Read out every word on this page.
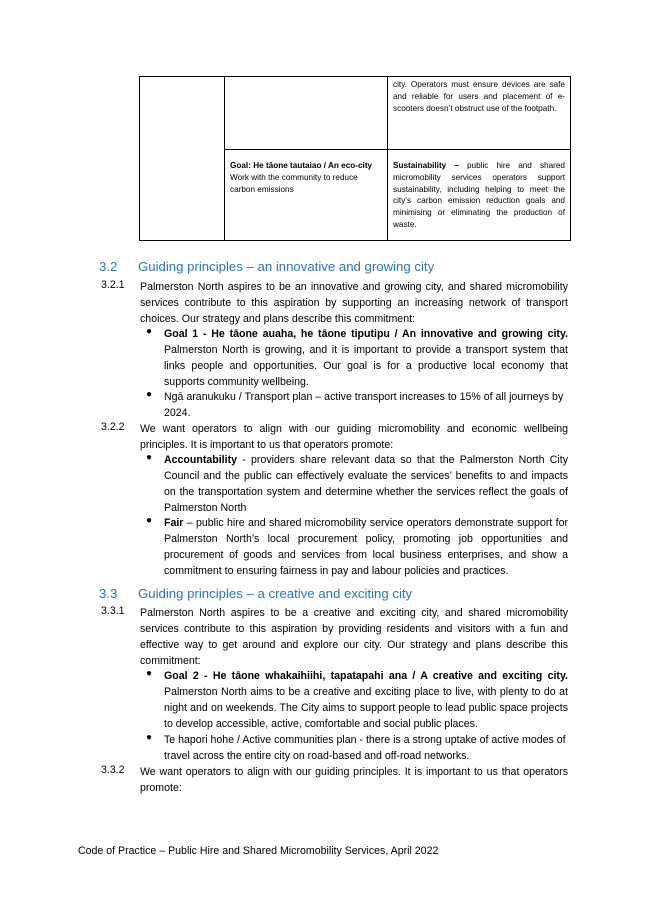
		city. Operators must ensure devices are safe and reliable for users and placement of e-scooters doesn’t obstruct use of the footpath.
	Goal: He tāone tautaiao / An eco-city
Work with the community to reduce carbon emissions	Sustainability – public hire and shared micromobility services operators support sustainability, including helping to meet the city’s carbon emission reduction goals and minimising or eliminating the production of waste.
3.2 Guiding principles – an innovative and growing city
3.2.1 Palmerston North aspires to be an innovative and growing city, and shared micromobility services contribute to this aspiration by supporting an increasing network of transport choices. Our strategy and plans describe this commitment:
● Goal 1 - He tāone auaha, he tāone tiputipu / An innovative and growing city. Palmerston North is growing, and it is important to provide a transport system that links people and opportunities. Our goal is for a productive local economy that supports community wellbeing.
● Ngā aranukuku / Transport plan – active transport increases to 15% of all journeys by 2024.
3.2.2 We want operators to align with our guiding micromobility and economic wellbeing principles. It is important to us that operators promote:
● Accountability - providers share relevant data so that the Palmerston North City Council and the public can effectively evaluate the services’ benefits to and impacts on the transportation system and determine whether the services reflect the goals of Palmerston North
● Fair – public hire and shared micromobility service operators demonstrate support for Palmerston North’s local procurement policy, promoting job opportunities and procurement of goods and services from local business enterprises, and show a commitment to ensuring fairness in pay and labour policies and practices.
3.3 Guiding principles – a creative and exciting city
3.3.1 Palmerston North aspires to be a creative and exciting city, and shared micromobility services contribute to this aspiration by providing residents and visitors with a fun and effective way to get around and explore our city. Our strategy and plans describe this commitment:
● Goal 2 - He tāone whakaihiihi, tapatapahi ana / A creative and exciting city. Palmerston North aims to be a creative and exciting place to live, with plenty to do at night and on weekends. The City aims to support people to lead public space projects to develop accessible, active, comfortable and social public places.
● Te hapori hohe / Active communities plan - there is a strong uptake of active modes of travel across the entire city on road-based and off-road networks.
3.3.2 We want operators to align with our guiding principles. It is important to us that operators promote:
Code of Practice – Public Hire and Shared Micromobility Services, April 2022
